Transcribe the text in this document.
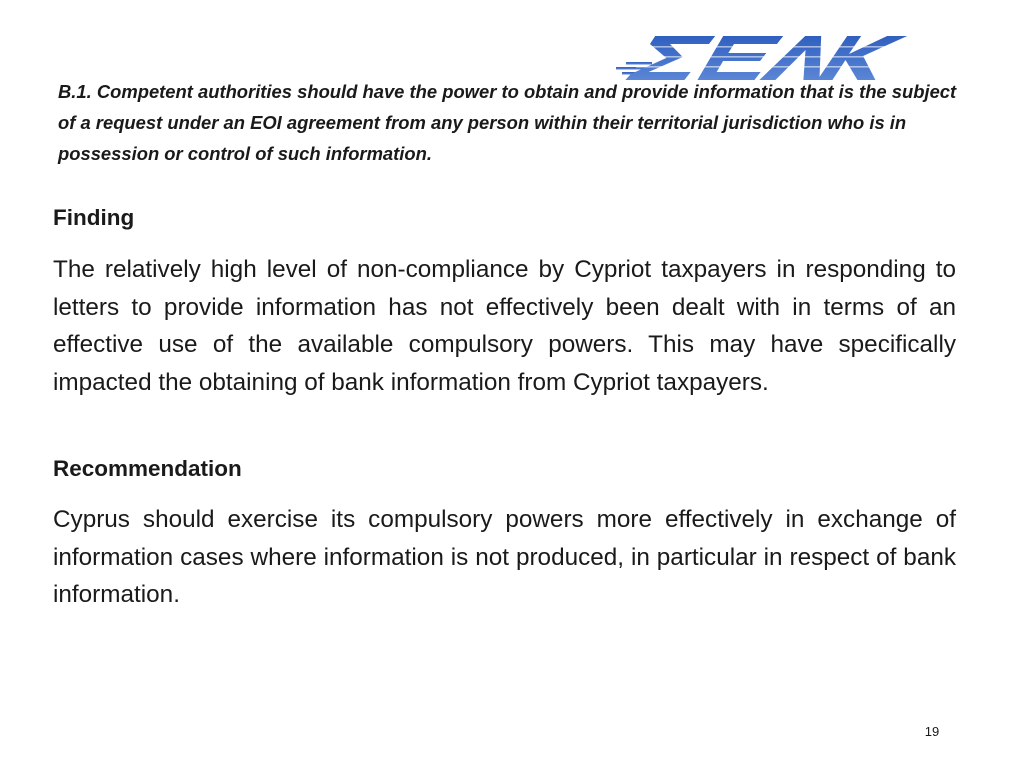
B.1. Competent authorities should have the power to obtain and provide information that is the subject of a request under an EOI agreement from any person within their territorial jurisdiction who is in possession or control of such information.
Finding
The relatively high level of non-compliance by Cypriot taxpayers in responding to letters to provide information has not effectively been dealt with in terms of an effective use of the available compulsory powers. This may have specifically impacted the obtaining of bank information from Cypriot taxpayers.
Recommendation
Cyprus should exercise its compulsory powers more effectively in exchange of information cases where information is not produced, in particular in respect of bank information.
19
